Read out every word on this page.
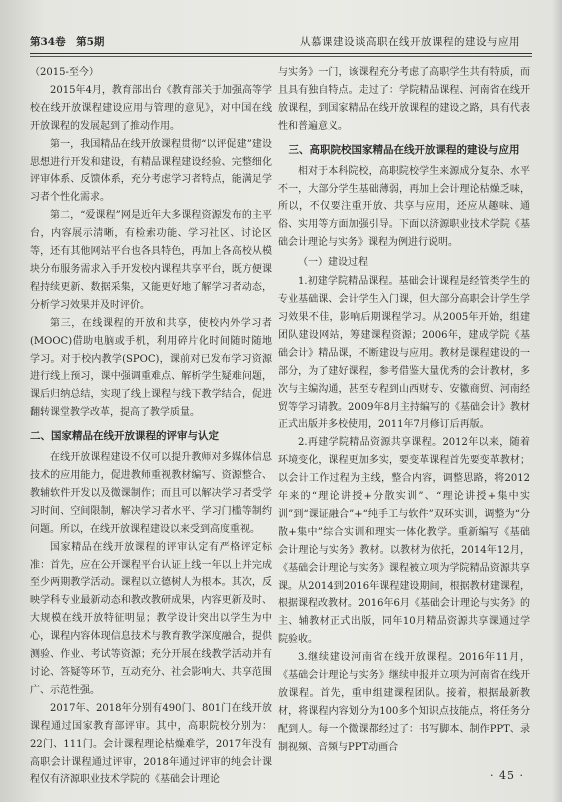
第34卷　第5期	从慕课建设谈高职在线开放课程的建设与应用

（2015-至今）

2015年4月，教育部出台《教育部关于加强高等学校在线开放课程建设应用与管理的意见》，对中国在线开放课程的发展起到了推动作用。

第一，我国精品在线开放课程贯彻“以评促建”建设思想进行开发和建设，有精品课程建设经验、完整细化评审体系、反馈体系，充分考虑学习者特点，能满足学习者个性化需求。

第二，“爱课程”网是近年大多课程资源发布的主平台，内容展示清晰，有检索功能、学习社区、讨论区等，还有其他网站平台也各具特色，再加上各高校从模块分布服务需求入手开发校内课程共享平台，既方便课程持续更新、数据采集，又能更好地了解学习者动态，分析学习效果并及时评价。

第三，在线课程的开放和共享，使校内外学习者(MOOC)借助电脑或手机，利用碎片化时间随时随地学习。对于校内教学(SPOC)，课前对已发布学习资源进行线上预习，课中强调重难点、解析学生疑难问题，课后归纳总结，实现了线上课程与线下教学结合，促进翻转课堂教学改革，提高了教学质量。

二、国家精品在线开放课程的评审与认定

在线开放课程建设不仅可以提升教师对多媒体信息技术的应用能力，促进教师重视教材编写、资源整合、教辅软件开发以及微课制作；而且可以解决学习者受学习时间、空间限制，解决学习者水平、学习门槛等制约问题。所以，在线开放课程建设以来受到高度重视。

国家精品在线开放课程的评审认定有严格评定标准：首先，应在公开课程平台认证上线一年以上并完成至少两期教学活动。课程以立德树人为根本。其次，反映学科专业最新动态和教改教研成果，内容更新及时、大规模在线开放特征明显；教学设计突出以学生为中心，课程内容体现信息技术与教育教学深度融合，提供测验、作业、考试等资源；充分开展在线教学活动并有讨论、答疑等环节，互动充分、社会影响大、共享范围广、示范性强。

2017年、2018年分别有490门、801门在线开放课程通过国家教育部评审。其中，高职院校分别为：22门、111门。会计课程理论枯燥难学，2017年没有高职会计课程通过评审，2018年通过评审的纯会计课程仅有济源职业技术学院的《基础会计理论

与实务》一门，该课程充分考虑了高职学生共有特质，而且具有独自特点。走过了：学院精品课程、河南省在线开放课程，到国家精品在线开放课程的建设之路，具有代表性和普遍意义。

三、高职院校国家精品在线开放课程的建设与应用

相对于本科院校，高职院校学生来源成分复杂、水平不一，大部分学生基础薄弱，再加上会计理论枯燥乏味，所以，不仅要注重开放、共享与应用，还应从趣味、通俗、实用等方面加强引导。下面以济源职业技术学院《基础会计理论与实务》课程为例进行说明。

（一）建设过程

1.初建学院精品课程。基础会计课程是经管类学生的专业基础课、会计学生入门课，但大部分高职会计学生学习效果不佳，影响后期课程学习。从2005年开始，组建团队建设网站，筹建课程资源；2006年，建成学院《基础会计》精品课，不断建设与应用。教材是课程建设的一部分，为了建好课程，参考借鉴大量优秀的会计教材，多次与主编沟通，甚至专程到山西财专、安徽商贸、河南经贸等学习请教。2009年8月主持编写的《基础会计》教材正式出版并多校使用，2011年7月修订后再版。

2.再建学院精品资源共享课程。2012年以来，随着环境变化，课程更加多实，要变革课程首先要变革教材；以会计工作过程为主线，整合内容，调整思路，将2012年来的“理论讲授+分散实训”、“理论讲授+集中实训”到“课证融合”+“纯手工与软件”双环实训，调整为“分散+集中”综合实训和理实一体化教学。重新编写《基础会计理论与实务》教材。以教材为依托，2014年12月，《基础会计理论与实务》课程被立项为学院精品资源共享课。从2014到2016年课程建设期间，根据教材建课程，根据课程改教材。2016年6月《基础会计理论与实务》的主、辅教材正式出版，同年10月精品资源共享课通过学院验收。

3.继续建设河南省在线开放课程。2016年11月，《基础会计理论与实务》继续申报并立项为河南省在线开放课程。首先，重申组建课程团队。接着，根据最新教材，将课程内容划分为100多个知识点技能点，将任务分配到人。每一个微课都经过了：书写脚本、制作PPT、录制视频、音频与PPT动画合

· 45 ·
